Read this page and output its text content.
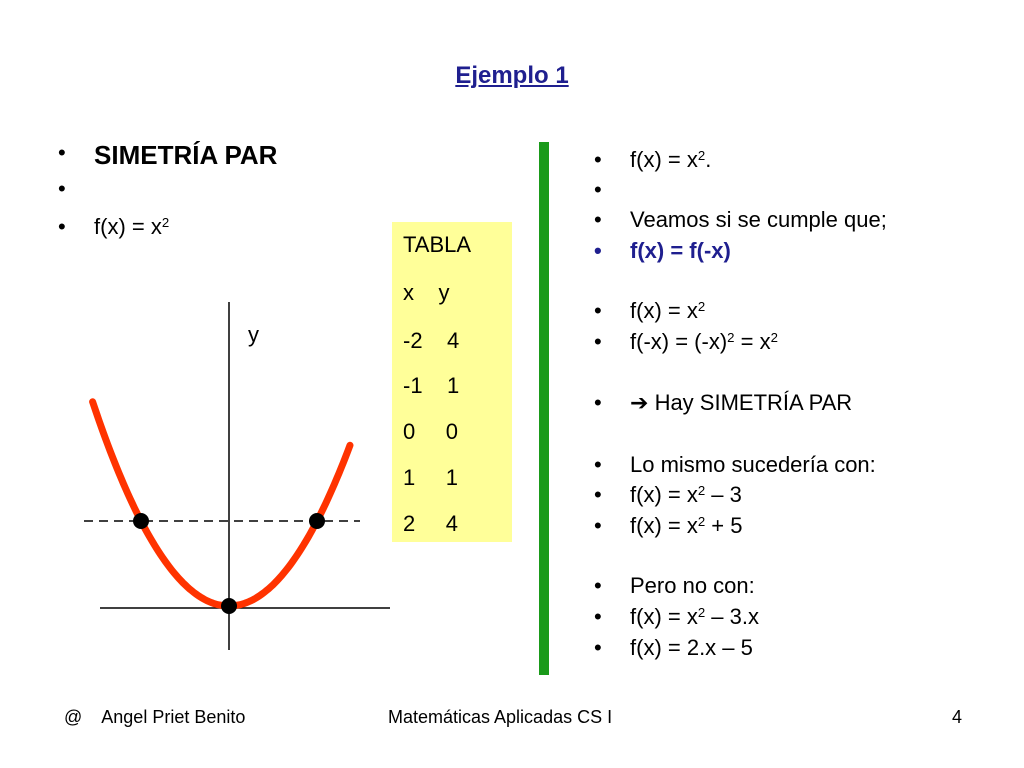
Ejemplo 1
• SIMETRÍA PAR
•
• $f(x) = x^2$
y
TABLA
x    y
-2    4
-1    1
0     0
1     1
2     4
• $f(x) = x^2$.
•
• Veamos si se cumple que;
• f(x) = f(-x)
• $f(x) = x^2$
• $f(-x) = (-x)^2 = x^2$
• ➔ Hay SIMETRÍA PAR
• Lo mismo sucedería con:
• $f(x) = x^2 - 3$
• $f(x) = x^2 + 5$
• Pero no con:
• $f(x) = x^2 - 3.x$
• f(x) = 2.x – 5
@    Angel Priet Benito	Matemáticas Aplicadas CS I	4
